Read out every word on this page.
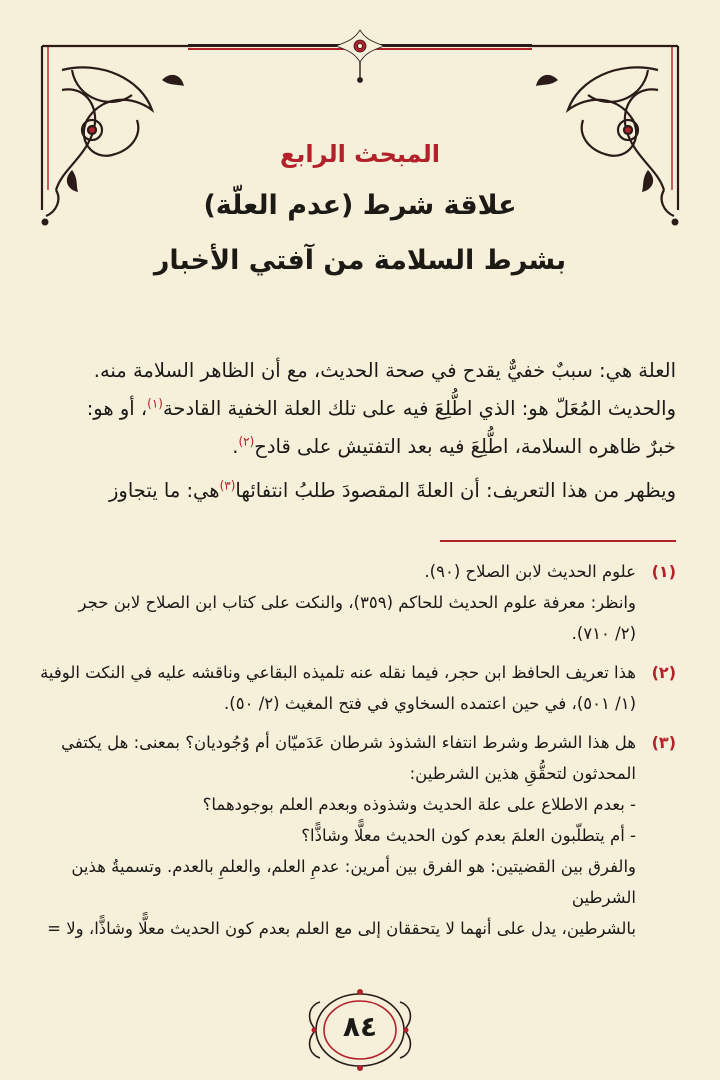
المبحث الرابع
علاقة شرط (عدم العلّة)
بشرط السلامة من آفتي الأخبار

العلة هي: سببٌ خفيٌّ يقدح في صحة الحديث، مع أن الظاهر السلامة منه.

والحديث المُعَلّ هو: الذي اطُّلِعَ فيه على تلك العلة الخفية القادحة$^{(١)}$، أو هو:

خبرٌ ظاهره السلامة، اطُّلِعَ فيه بعد التفتيش على قادح$^{(٢)}$.

ويظهر من هذا التعريف: أن العلةَ المقصودَ طلبُ انتفائها$^{(٣)}$هي: ما يتجاوز

(١)

علوم الحديث لابن الصلاح (٩٠).

وانظر: معرفة علوم الحديث للحاكم (٣٥٩)، والنكت على كتاب ابن الصلاح لابن حجر

(٢/ ٧١٠).

(٢)

هذا تعريف الحافظ ابن حجر، فيما نقله عنه تلميذه البقاعي وناقشه عليه في النكت الوفية

(١/ ٥٠١)، في حين اعتمده السخاوي في فتح المغيث (٢/ ٥٠).

(٣)

هل هذا الشرط وشرط انتفاء الشذوذ شرطان عَدَميّان أم وُجُوديان؟ بمعنى: هل يكتفي

المحدثون لتحقُّقِ هذين الشرطين:

- بعدم الاطلاع على علة الحديث وشذوذه وبعدم العلم بوجودهما؟

- أم يتطلّبون العلمَ بعدم كون الحديث معلًّا وشاذًّا؟

والفرق بين القضيتين: هو الفرق بين أمرين: عدمِ العلم، والعلمِ بالعدم. وتسميةُ هذين الشرطين

بالشرطين، يدل على أنهما لا يتحققان إلى مع العلم بعدم كون الحديث معلًّا وشاذًّا، ولا =

٨٤
